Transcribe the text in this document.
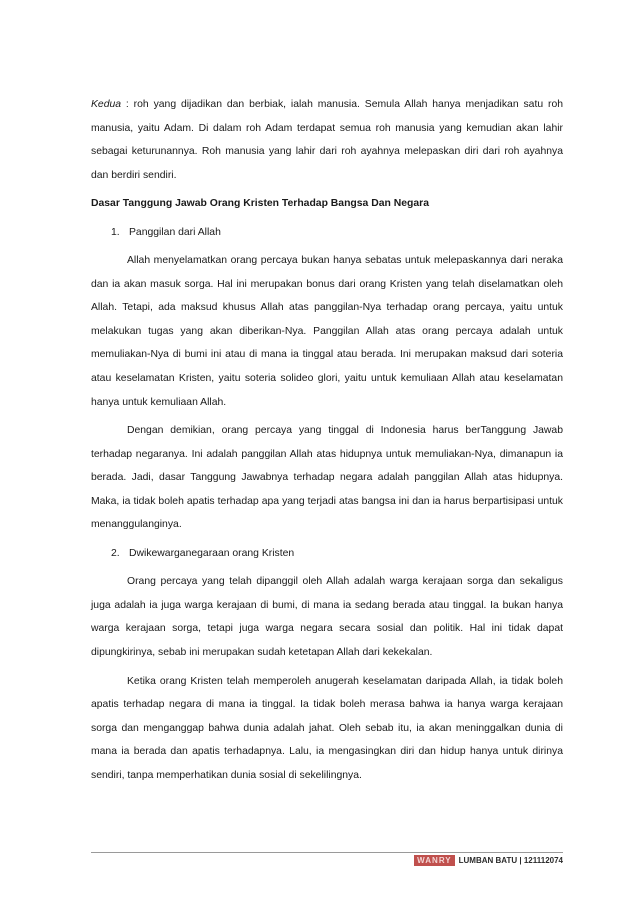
Kedua : roh yang dijadikan dan berbiak, ialah manusia. Semula Allah hanya menjadikan satu roh manusia, yaitu Adam. Di dalam roh Adam terdapat semua roh manusia yang kemudian akan lahir sebagai keturunannya. Roh manusia yang lahir dari roh ayahnya melepaskan diri dari roh ayahnya dan berdiri sendiri.

Dasar Tanggung Jawab Orang Kristen Terhadap Bangsa Dan Negara

1. Panggilan dari Allah

Allah menyelamatkan orang percaya bukan hanya sebatas untuk melepaskannya dari neraka dan ia akan masuk sorga. Hal ini merupakan bonus dari orang Kristen yang telah diselamatkan oleh Allah. Tetapi, ada maksud khusus Allah atas panggilan-Nya terhadap orang percaya, yaitu untuk melakukan tugas yang akan diberikan-Nya. Panggilan Allah atas orang percaya adalah untuk memuliakan-Nya di bumi ini atau di mana ia tinggal atau berada. Ini merupakan maksud dari soteria atau keselamatan Kristen, yaitu soteria solideo glori, yaitu untuk kemuliaan Allah atau keselamatan hanya untuk kemuliaan Allah.

Dengan demikian, orang percaya yang tinggal di Indonesia harus berTanggung Jawab terhadap negaranya. Ini adalah panggilan Allah atas hidupnya untuk memuliakan-Nya, dimanapun ia berada. Jadi, dasar Tanggung Jawabnya terhadap negara adalah panggilan Allah atas hidupnya. Maka, ia tidak boleh apatis terhadap apa yang terjadi atas bangsa ini dan ia harus berpartisipasi untuk menanggulanginya.

2. Dwikewarganegaraan orang Kristen

Orang percaya yang telah dipanggil oleh Allah adalah warga kerajaan sorga dan sekaligus juga adalah ia juga warga kerajaan di bumi, di mana ia sedang berada atau tinggal. Ia bukan hanya warga kerajaan sorga, tetapi juga warga negara secara sosial dan politik. Hal ini tidak dapat dipungkirinya, sebab ini merupakan sudah ketetapan Allah dari kekekalan.

Ketika orang Kristen telah memperoleh anugerah keselamatan daripada Allah, ia tidak boleh apatis terhadap negara di mana ia tinggal. Ia tidak boleh merasa bahwa ia hanya warga kerajaan sorga dan menganggap bahwa dunia adalah jahat. Oleh sebab itu, ia akan meninggalkan dunia di mana ia berada dan apatis terhadapnya. Lalu, ia mengasingkan diri dan hidup hanya untuk dirinya sendiri, tanpa memperhatikan dunia sosial di sekelilingnya.

WANRY LUMBAN BATU | 121112074
